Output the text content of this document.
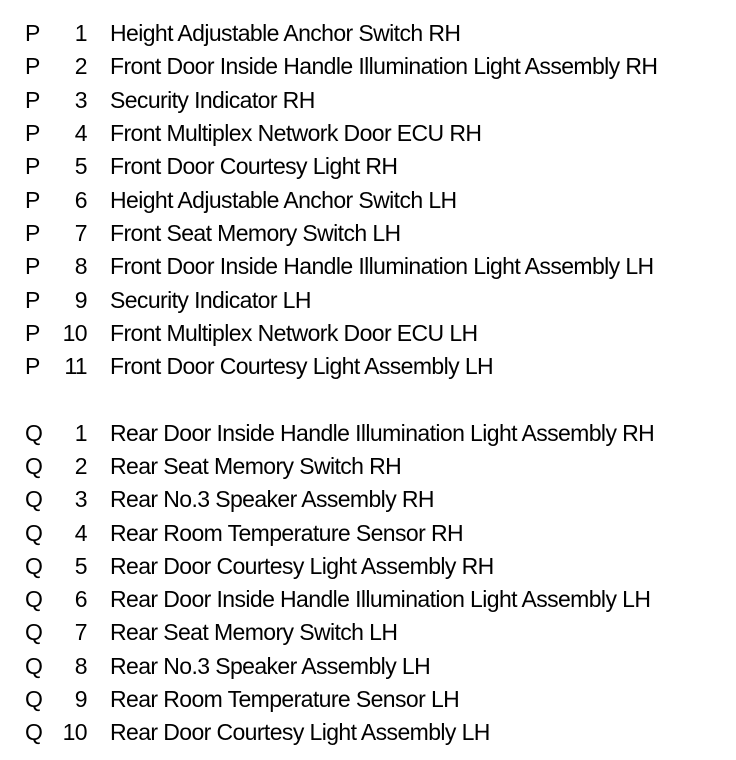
P	1 Height Adjustable Anchor Switch RH
P	2 Front Door Inside Handle Illumination Light Assembly RH
P	3 Security Indicator RH
P	4 Front Multiplex Network Door ECU RH
P	5 Front Door Courtesy Light RH
P	6 Height Adjustable Anchor Switch LH
P	7 Front Seat Memory Switch LH
P	8 Front Door Inside Handle Illumination Light Assembly LH
P	9 Security Indicator LH
P 10 Front Multiplex Network Door ECU LH
P	11 Front Door Courtesy Light Assembly LH
Q	1 Rear Door Inside Handle Illumination Light Assembly RH
Q	2 Rear Seat Memory Switch RH
Q	3 Rear No.3 Speaker Assembly RH
Q	4 Rear Room Temperature Sensor RH
Q	5 Rear Door Courtesy Light Assembly RH
Q	6 Rear Door Inside Handle Illumination Light Assembly LH
Q	7 Rear Seat Memory Switch LH
Q	8 Rear No.3 Speaker Assembly LH
Q	9 Rear Room Temperature Sensor LH
Q 10 Rear Door Courtesy Light Assembly LH
